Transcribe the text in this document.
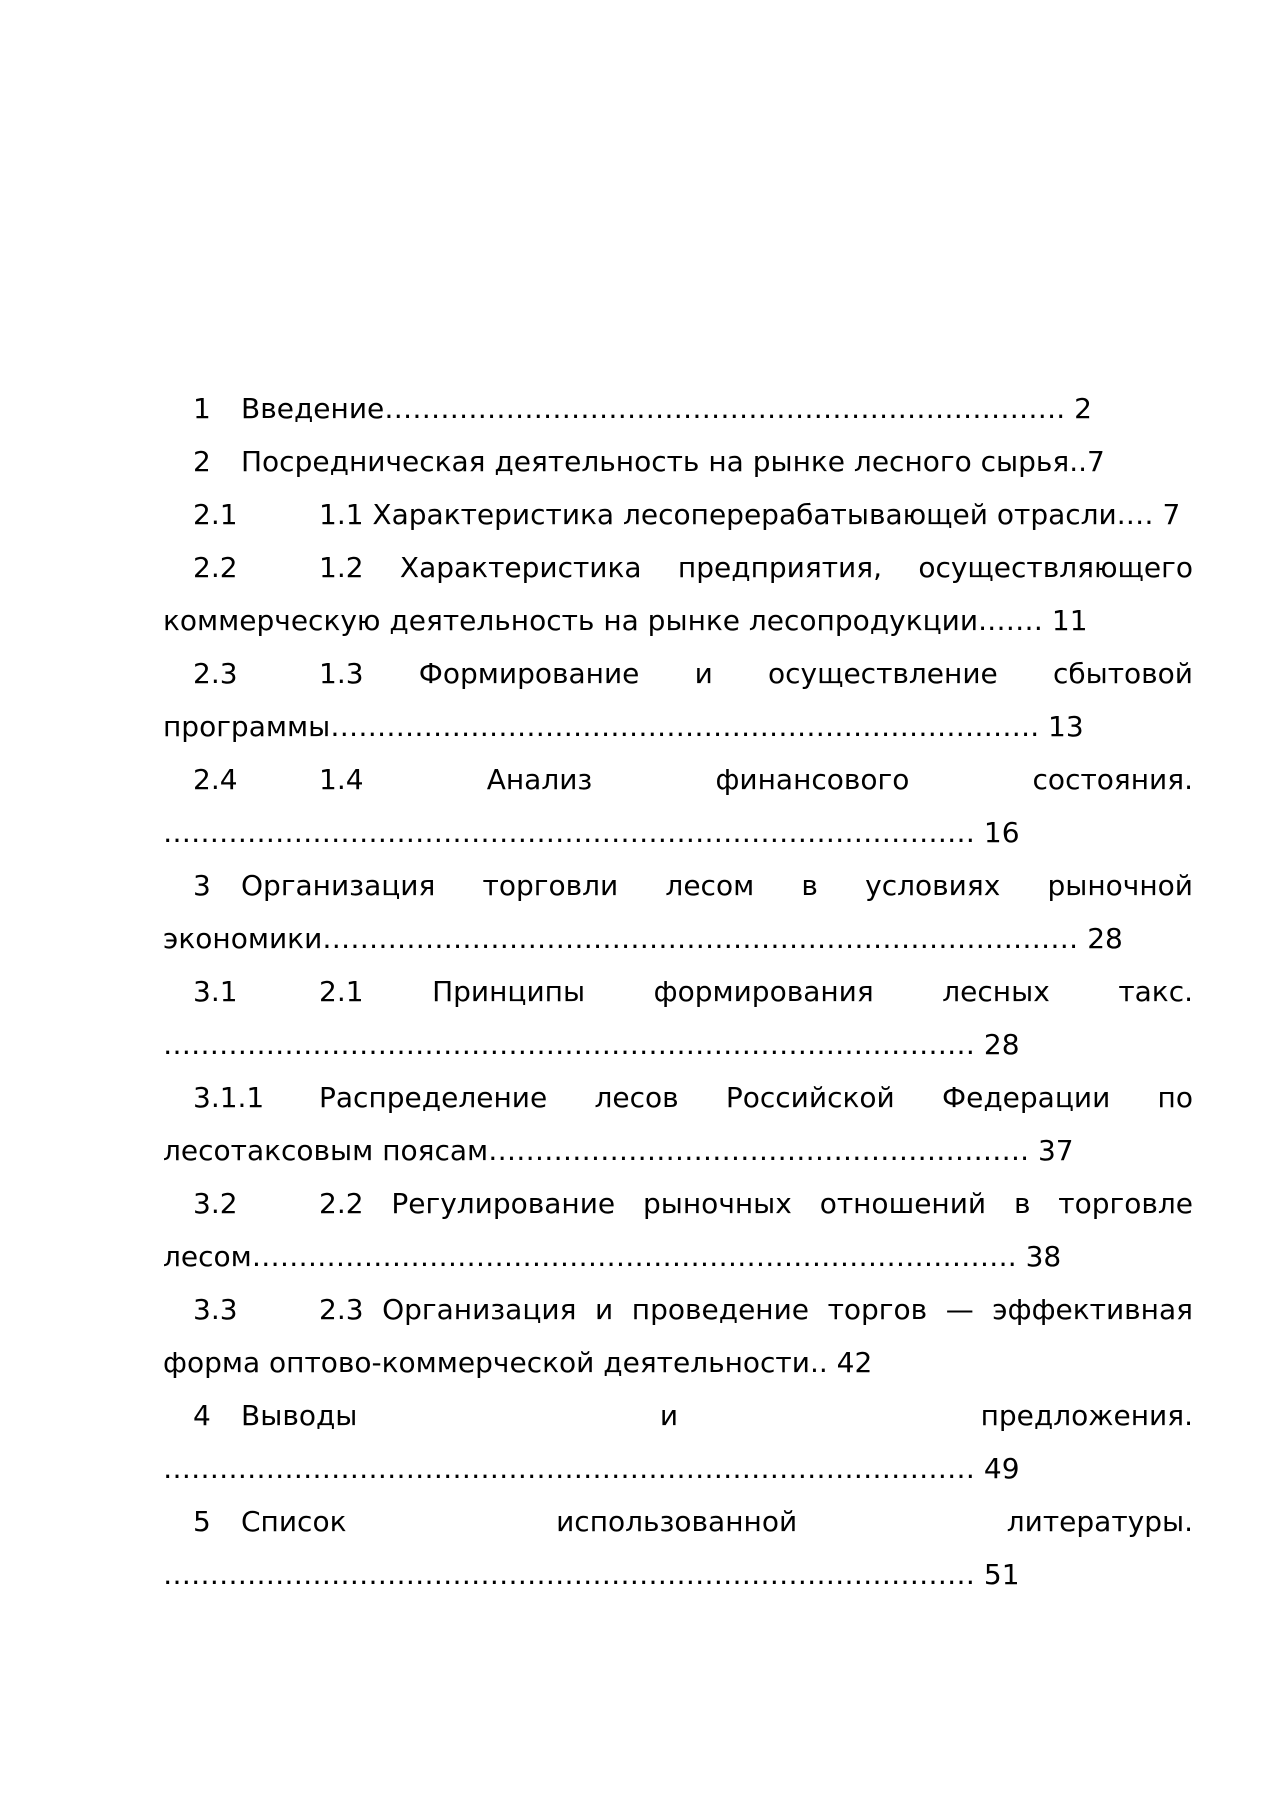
1 Введение………………………………………………………………. 2

2 Посредническая деятельность на рынке лесного сырья..7

2.1	1.1 Характеристика лесоперерабатывающей отрасли.… 7

2.2	1.2 Характеристика предприятия, осуществляющего коммерческую деятельность на рынке лесопродукции.…… 11

2.3	1.3 Формирование и осуществление сбытовой программы…………………………………………………………………. 13

2.4	1.4 Анализ финансового состояния. …………………………………………………………………………… 16

3 Организация торговли лесом в условиях рыночной экономики……………………………………………………………………… 28

3.1	2.1 Принципы формирования лесных такс. …………………………………………………………………………… 28

3.1.1 Распределение лесов Российской Федерации по лесотаксовым поясам…………………………………………………. 37

3.2	2.2 Регулирование рыночных отношений в торговле лесом………………………………………………………………………. 38

3.3	2.3 Организация и проведение торгов — эффективная форма оптово-коммерческой деятельности.. 42

4 Выводы и предложения. …………………………………………………………………………… 49

5 Список использованной литературы. …………………………………………………………………………… 51
